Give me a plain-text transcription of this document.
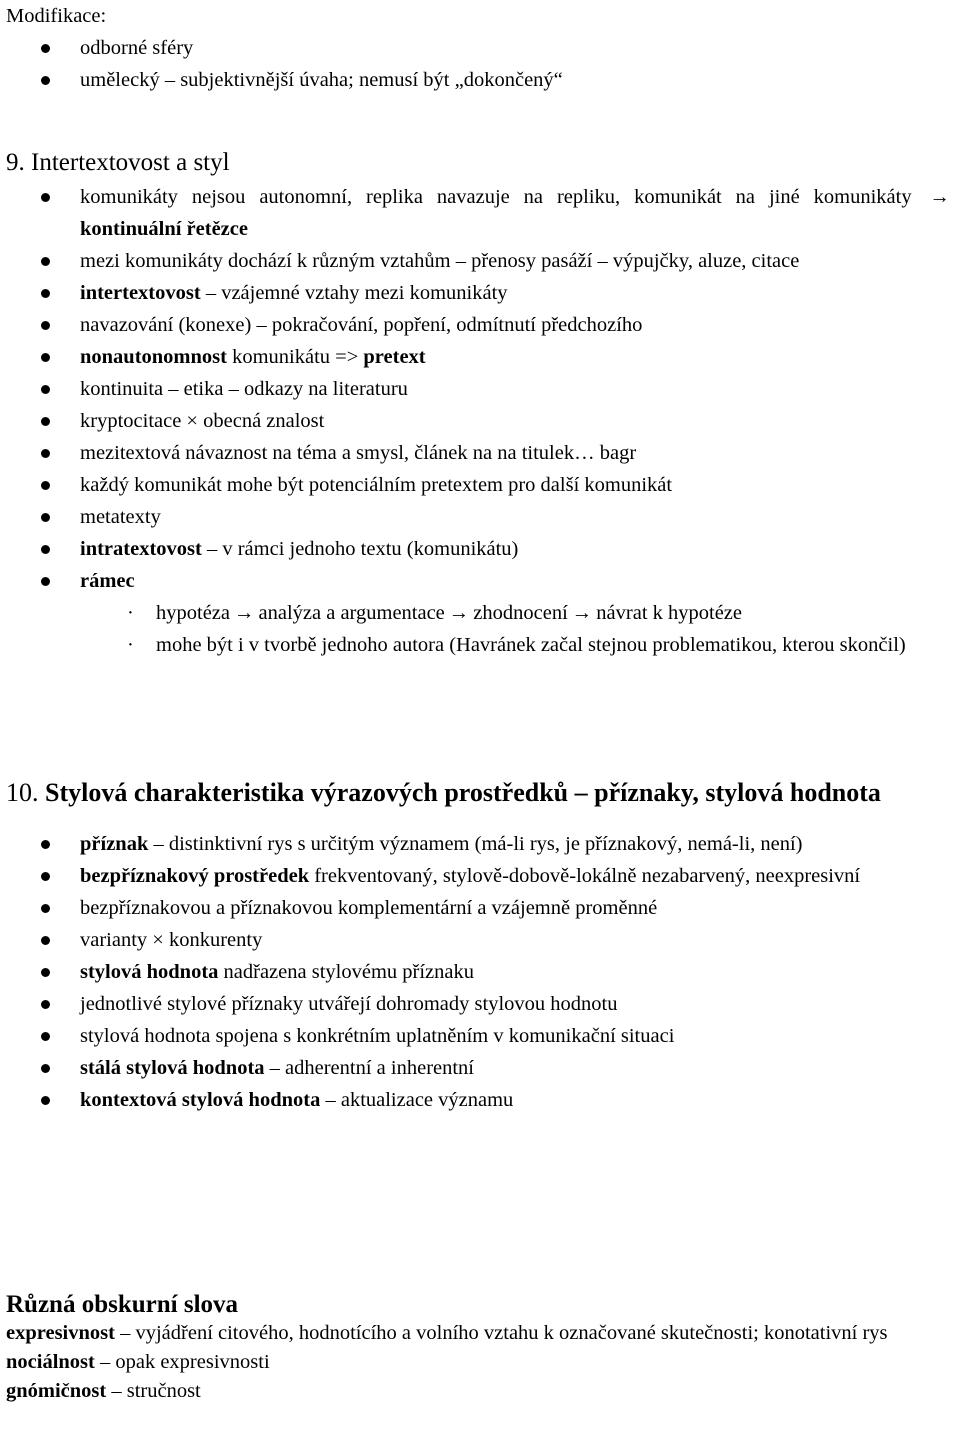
Modifikace:

odborné sféry
umělecký – subjektivnější úvaha; nemusí být „dokončený“

9. Intertextovost a styl

komunikáty nejsou autonomní, replika navazuje na repliku, komunikát na jiné komunikáty → kontinuální řetězce
mezi komunikáty dochází k různým vztahům – přenosy pasáží – výpujčky, aluze, citace
intertextovost – vzájemné vztahy mezi komunikáty
navazování (konexe) – pokračování, popření, odmítnutí předchozího
nonautonomnost komunikátu => pretext
kontinuita – etika – odkazy na literaturu
kryptocitace × obecná znalost
mezitextová návaznost na téma a smysl, článek na na titulek… bagr
každý komunikát mohe být potenciálním pretextem pro další komunikát
metatexty
intratextovost – v rámci jednoho textu (komunikátu)
rámec
· hypotéza → analýza a argumentace → zhodnocení → návrat k hypotéze
· mohe být i v tvorbě jednoho autora (Havránek začal stejnou problematikou, kterou skončil)

10. Stylová charakteristika výrazových prostředků – příznaky, stylová hodnota

příznak – distinktivní rys s určitým významem (má-li rys, je příznakový, nemá-li, není)
bezpříznakový prostředek frekventovaný, stylově-dobově-lokálně nezabarvený, neexpresivní
bezpříznakovou a příznakovou komplementární a vzájemně proměnné
varianty × konkurenty
stylová hodnota nadřazena stylovému příznaku
jednotlivé stylové příznaky utvářejí dohromady stylovou hodnotu
stylová hodnota spojena s konkrétním uplatněním v komunikační situaci
stálá stylová hodnota – adherentní a inherentní
kontextová stylová hodnota – aktualizace významu

Různá obskurní slova

expresivnost – vyjádření citového, hodnotícího a volního vztahu k označované skutečnosti; konotativní rys

nociálnost – opak expresivnosti

gnómičnost – stručnost
